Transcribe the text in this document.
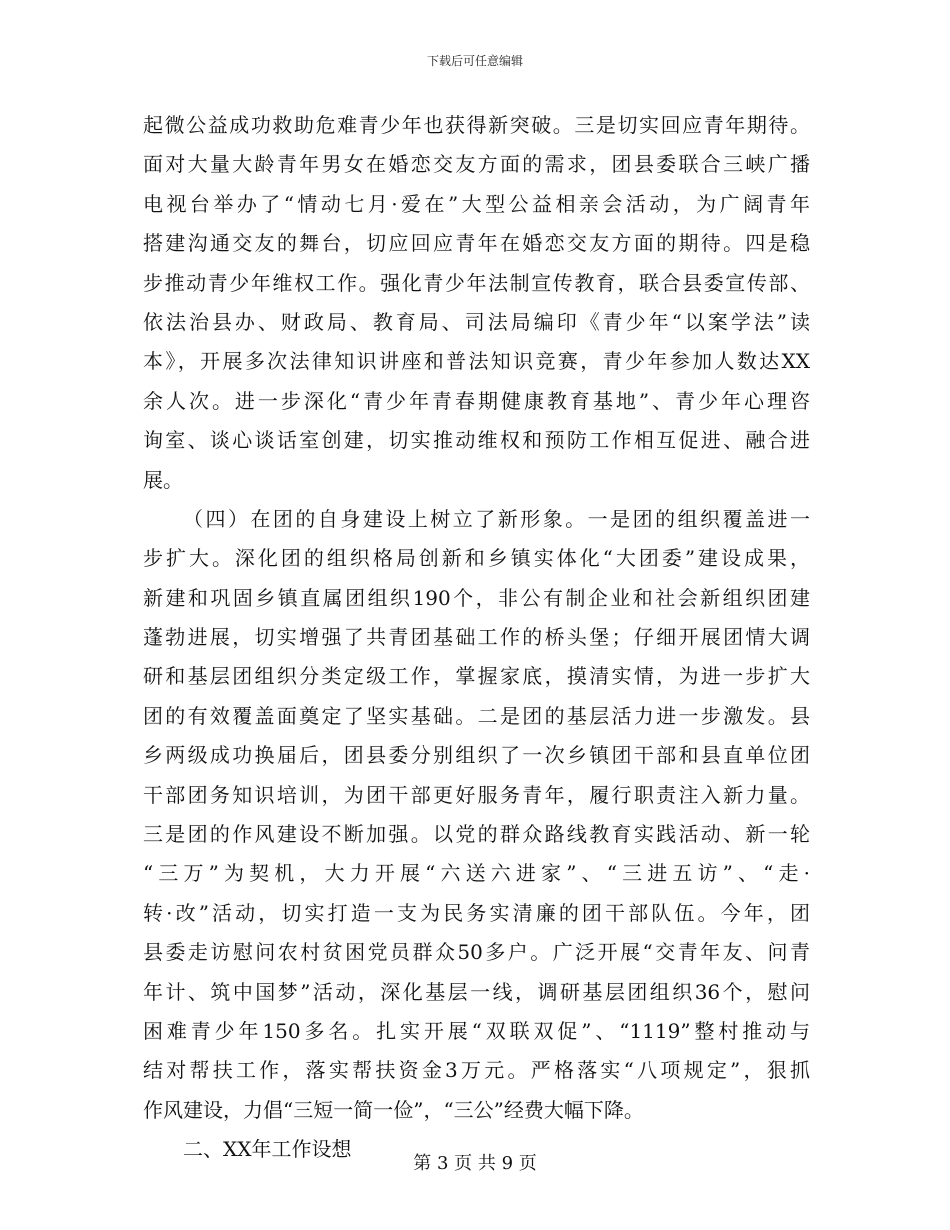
下载后可任意编辑
起微公益成功救助危难青少年也获得新突破。三是切实回应青年期待。
面对大量大龄青年男女在婚恋交友方面的需求，团县委联合三峡广播
电视台举办了“情动七月·爱在”大型公益相亲会活动，为广阔青年
搭建沟通交友的舞台，切应回应青年在婚恋交友方面的期待。四是稳
步推动青少年维权工作。强化青少年法制宣传教育，联合县委宣传部、
依法治县办、财政局、教育局、司法局编印《青少年“以案学法”读
本》，开展多次法律知识讲座和普法知识竞赛，青少年参加人数达XX
余人次。进一步深化“青少年青春期健康教育基地”、青少年心理咨
询室、谈心谈话室创建，切实推动维权和预防工作相互促进、融合进
展。
（四）在团的自身建设上树立了新形象。一是团的组织覆盖进一
步扩大。深化团的组织格局创新和乡镇实体化“大团委”建设成果，
新建和巩固乡镇直属团组织190个，非公有制企业和社会新组织团建
蓬勃进展，切实增强了共青团基础工作的桥头堡；仔细开展团情大调
研和基层团组织分类定级工作，掌握家底，摸清实情，为进一步扩大
团的有效覆盖面奠定了坚实基础。二是团的基层活力进一步激发。县
乡两级成功换届后，团县委分别组织了一次乡镇团干部和县直单位团
干部团务知识培训，为团干部更好服务青年，履行职责注入新力量。
三是团的作风建设不断加强。以党的群众路线教育实践活动、新一轮
“三万”为契机，大力开展“六送六进家”、“三进五访”、“走·
转·改”活动，切实打造一支为民务实清廉的团干部队伍。今年，团
县委走访慰问农村贫困党员群众50多户。广泛开展“交青年友、问青
年计、筑中国梦”活动，深化基层一线，调研基层团组织36个，慰问
困难青少年150多名。扎实开展“双联双促”、“1119”整村推动与
结对帮扶工作，落实帮扶资金3万元。严格落实“八项规定”，狠抓
作风建设，力倡“三短一简一俭”，“三公”经费大幅下降。
二、XX年工作设想
第 3 页 共 9 页
